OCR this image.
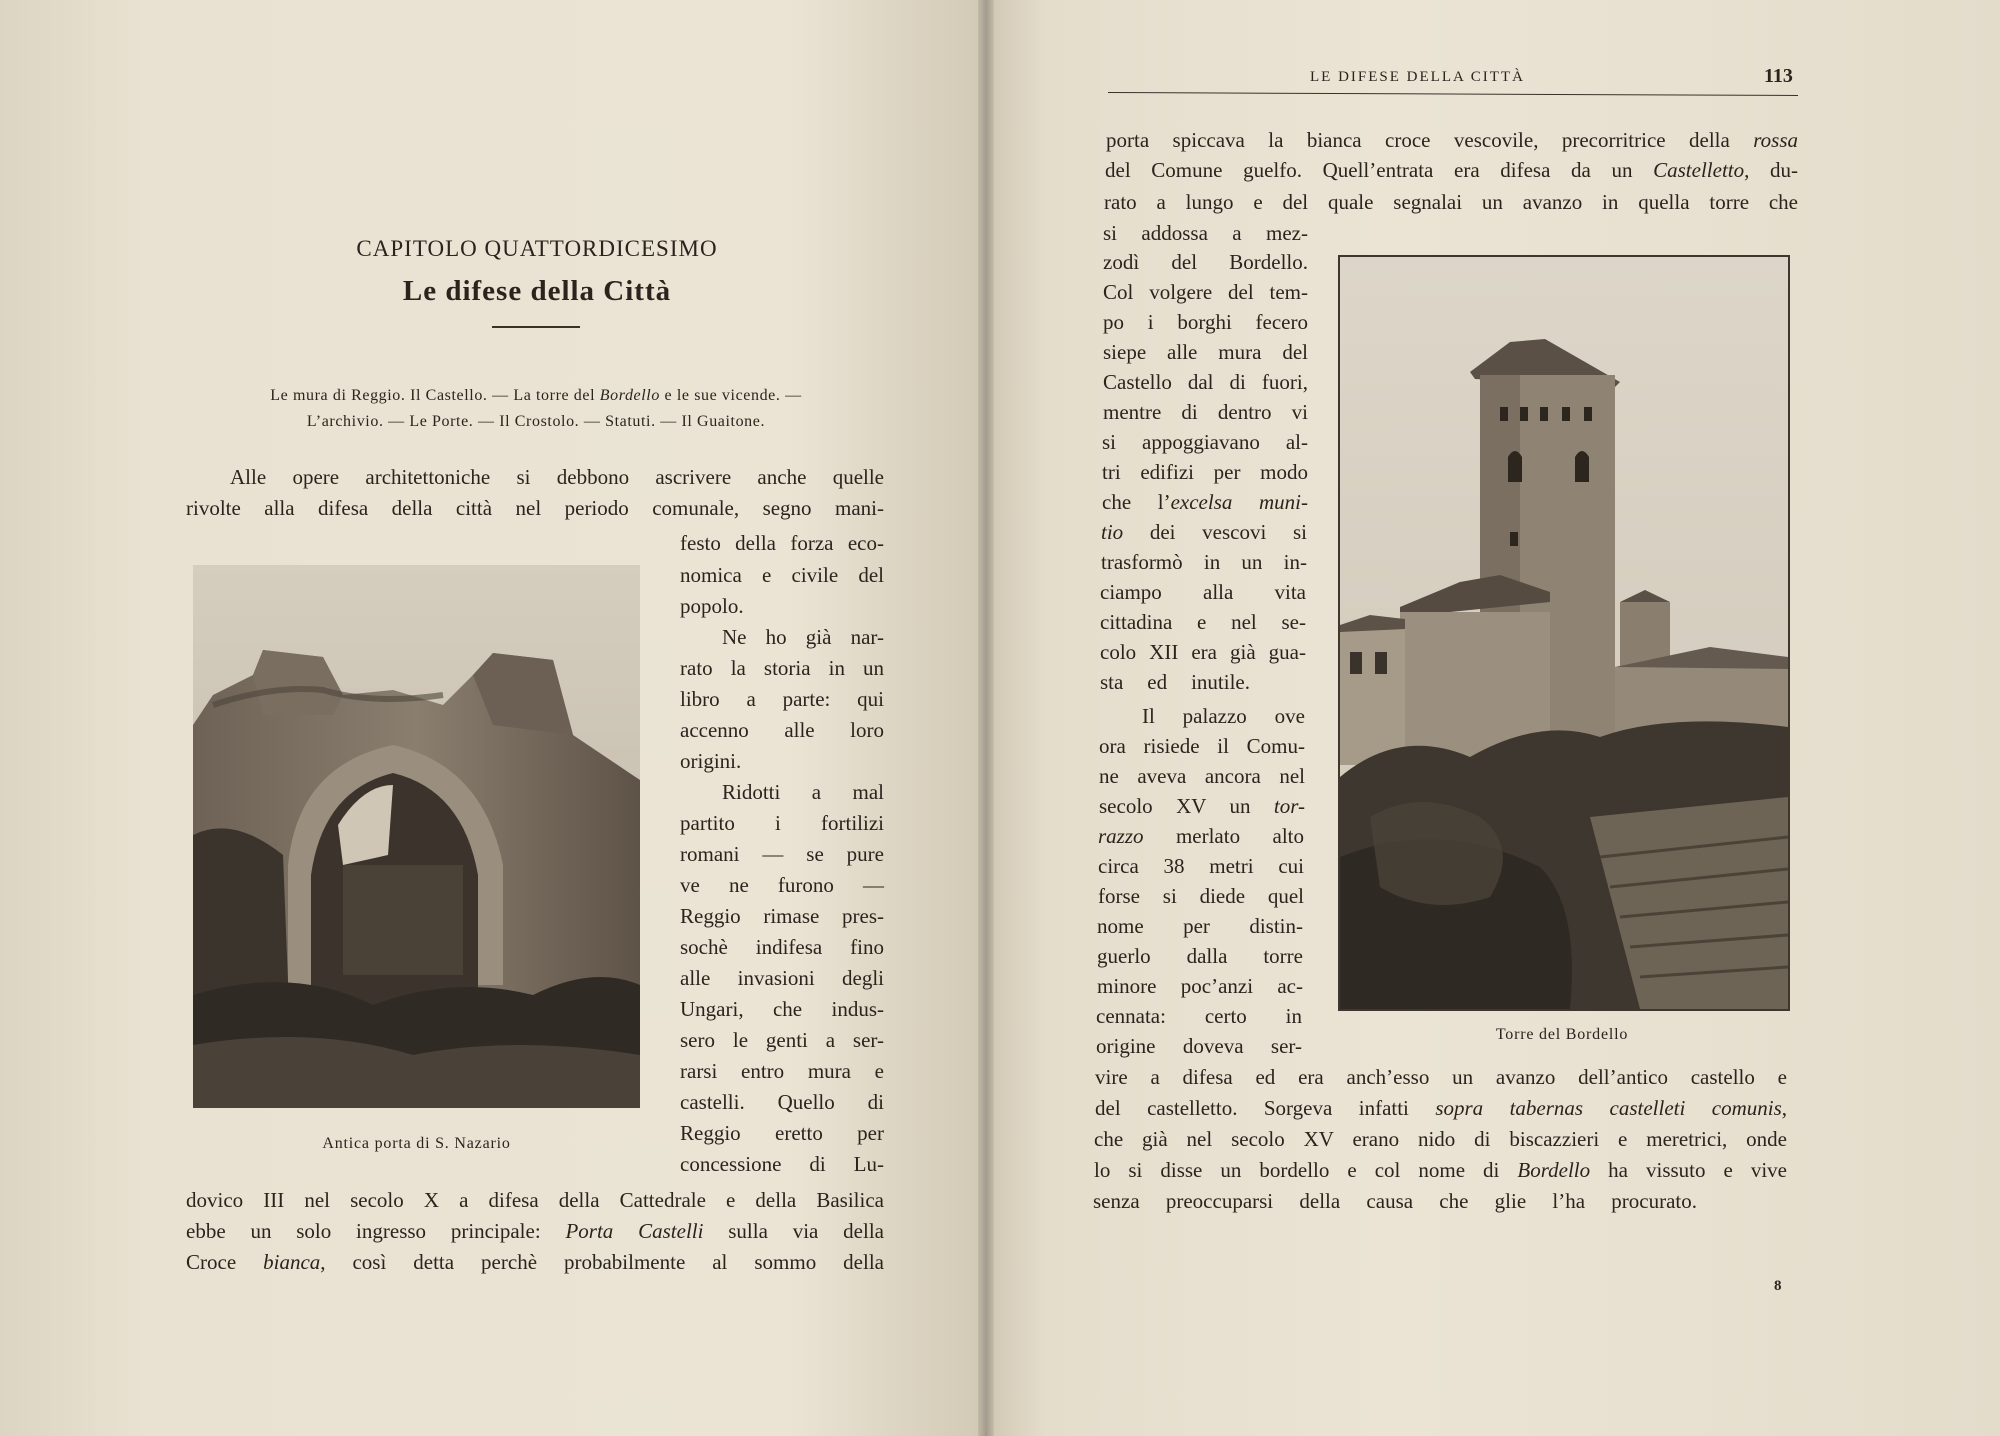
CAPITOLO QUATTORDICESIMO
Le difese della Città
Le mura di Reggio. Il Castello. — La torre del Bordello e le sue vicende. —
L’archivio. — Le Porte. — Il Crostolo. — Statuti. — Il Guaitone.
Alle opere architettoniche si debbono ascrivere anche quelle
rivolte alla difesa della città nel periodo comunale, segno mani-
festo della forza eco-
nomica e civile del
popolo.
Ne ho già nar-
rato la storia in un
libro a parte: qui
accenno alle loro
origini.
Ridotti a mal
partito i fortilizi
romani — se pure
ve ne furono —
Reggio rimase pres-
sochè indifesa fino
alle invasioni degli
Ungari, che indus-
sero le genti a ser-
rarsi entro mura e
castelli. Quello di
Reggio eretto per
concessione di Lu-
dovico III nel secolo X a difesa della Cattedrale e della Basilica
ebbe un solo ingresso principale: Porta Castelli sulla via della
Croce bianca, così detta perchè probabilmente al sommo della
Antica porta di S. Nazario
LE DIFESE DELLA CITTÀ	113
porta spiccava la bianca croce vescovile, precorritrice della rossa
del Comune guelfo. Quell’entrata era difesa da un Castelletto, du-
rato a lungo e del quale segnalai un avanzo in quella torre che
si addossa a mez-
zodì del Bordello.
Col volgere del tem-
po i borghi fecero
siepe alle mura del
Castello dal di fuori,
mentre di dentro vi
si appoggiavano al-
tri edifizi per modo
che l’excelsa muni-
tio dei vescovi si
trasformò in un in-
ciampo alla vita
cittadina e nel se-
colo XII era già gua-
sta ed inutile.
Il palazzo ove
ora risiede il Comu-
ne aveva ancora nel
secolo XV un tor-
razzo merlato alto
circa 38 metri cui
forse si diede quel
nome per distin-
guerlo dalla torre
minore poc’anzi ac-
cennata: certo in
origine doveva ser-
vire a difesa ed era anch’esso un avanzo dell’antico castello e
del castelletto. Sorgeva infatti sopra tabernas castelleti comunis,
che già nel secolo XV erano nido di biscazzieri e meretrici, onde
lo si disse un bordello e col nome di Bordello ha vissuto e vive
senza preoccuparsi della causa che glie l’ha procurato.
Torre del Bordello
8
